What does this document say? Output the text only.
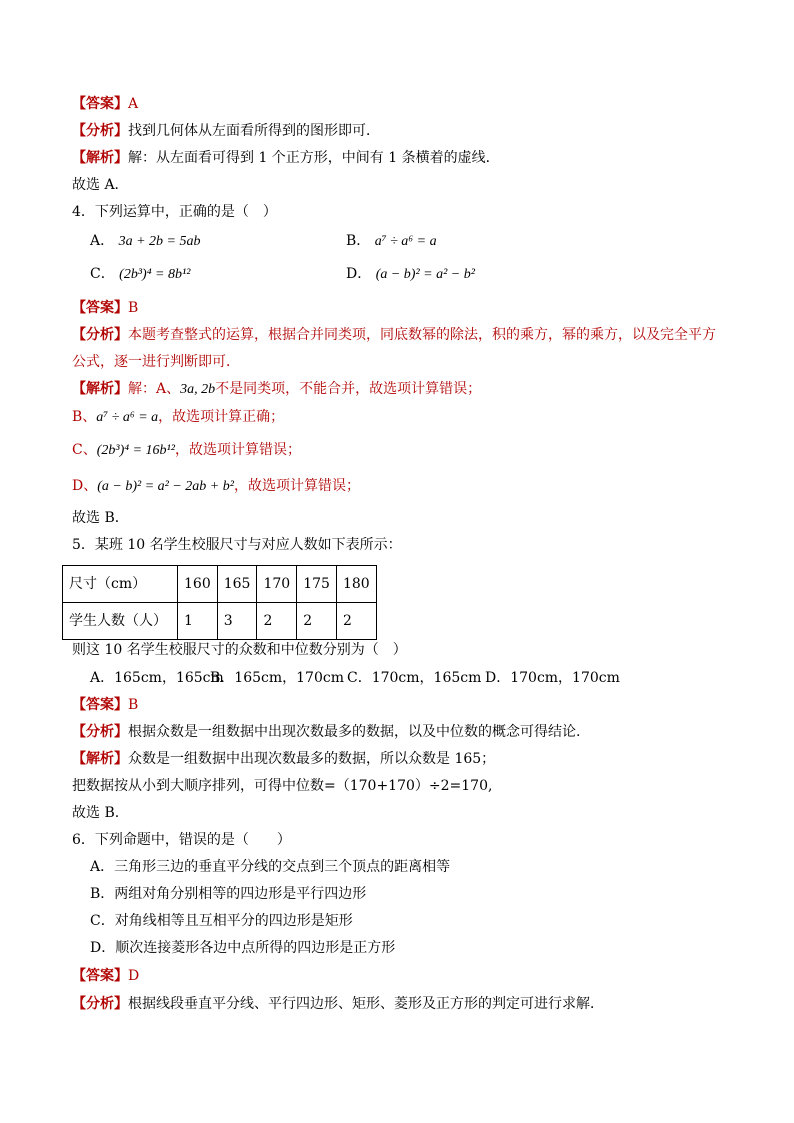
【答案】A
【分析】找到几何体从左面看所得到的图形即可．
【解析】解：从左面看可得到 1 个正方形，中间有 1 条横着的虚线．
故选 A．
4．下列运算中，正确的是（　）
A． 3a + 2b = 5ab	B． a⁷ ÷ a⁶ = a
C． (2b³)⁴ = 8b¹²	D． (a − b)² = a² − b²
【答案】B
【分析】本题考查整式的运算，根据合并同类项，同底数幂的除法，积的乘方，幂的乘方，以及完全平方
公式，逐一进行判断即可．
【解析】解：A、3a, 2b不是同类项，不能合并，故选项计算错误；
B、a⁷ ÷ a⁶ = a，故选项计算正确；
C、(2b³)⁴ = 16b¹²，故选项计算错误；
D、(a − b)² = a² − 2ab + b²，故选项计算错误；
故选 B．
5．某班 10 名学生校服尺寸与对应人数如下表所示：
尺寸（cm）	160	165	170	175	180
学生人数（人）	1	3	2	2	2
则这 10 名学生校服尺寸的众数和中位数分别为（　）
A．165cm，165cm
B．165cm，170cm C．170cm，165cm D．170cm，170cm
【答案】B
【分析】根据众数是一组数据中出现次数最多的数据，以及中位数的概念可得结论.
【解析】众数是一组数据中出现次数最多的数据，所以众数是 165；
把数据按从小到大顺序排列，可得中位数=（170+170）÷2=170,
故选 B.
6．下列命题中，错误的是（　　）
A．三角形三边的垂直平分线的交点到三个顶点的距离相等
B．两组对角分别相等的四边形是平行四边形
C．对角线相等且互相平分的四边形是矩形
D．顺次连接菱形各边中点所得的四边形是正方形
【答案】D
【分析】根据线段垂直平分线、平行四边形、矩形、菱形及正方形的判定可进行求解．
